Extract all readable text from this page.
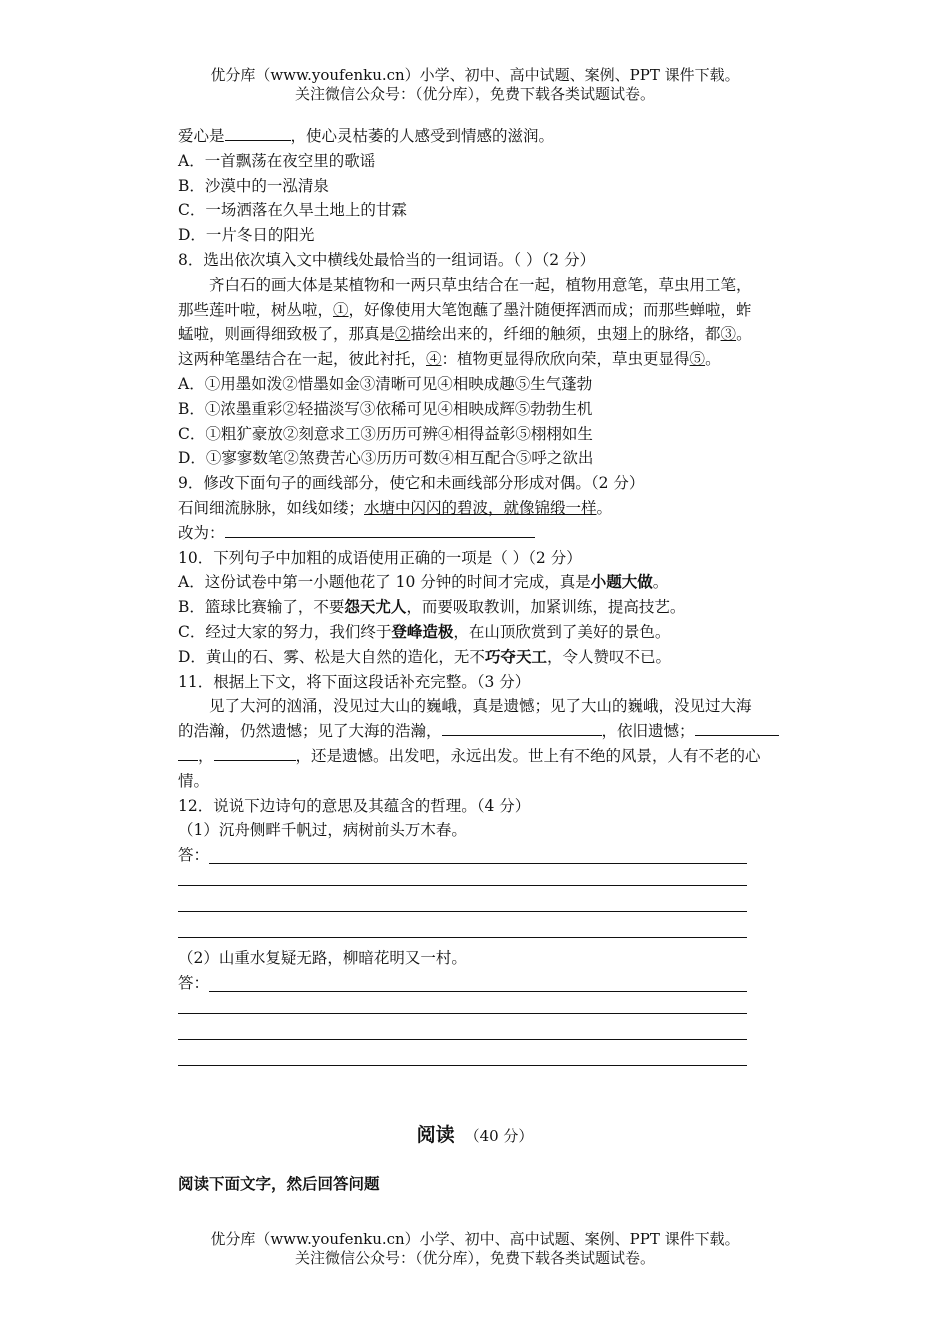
优分库（www.youfenku.cn）小学、初中、高中试题、案例、PPT 课件下载。
关注微信公众号：（优分库），免费下载各类试题试卷。
爱心是	，使心灵枯萎的人感受到情感的滋润。
A．一首飘荡在夜空里的歌谣
B．沙漠中的一泓清泉
C．一场洒落在久旱土地上的甘霖
D．一片冬日的阳光
8．选出依次填入文中横线处最恰当的一组词语。（ ）（2 分）
齐白石的画大体是某植物和一两只草虫结合在一起，植物用意笔，草虫用工笔，
那些莲叶啦，树丛啦，①，好像使用大笔饱蘸了墨汁随便挥洒而成；而那些蝉啦，蚱
蜢啦，则画得细致极了，那真是②描绘出来的，纤细的触须，虫翅上的脉络，都③。
这两种笔墨结合在一起，彼此衬托，④：植物更显得欣欣向荣，草虫更显得⑤。
A．①用墨如泼②惜墨如金③清晰可见④相映成趣⑤生气蓬勃
B．①浓墨重彩②轻描淡写③依稀可见④相映成辉⑤勃勃生机
C．①粗犷豪放②刻意求工③历历可辨④相得益彰⑤栩栩如生
D．①寥寥数笔②煞费苦心③历历可数④相互配合⑤呼之欲出
9．修改下面句子的画线部分，使它和未画线部分形成对偶。（2 分）
石间细流脉脉，如线如缕；水塘中闪闪的碧波，就像锦缎一样。
改为：
10．下列句子中加粗的成语使用正确的一项是（ ）（2 分）
A．这份试卷中第一小题他花了 10 分钟的时间才完成，真是小题大做。
B．篮球比赛输了，不要怨天尤人，而要吸取教训，加紧训练，提高技艺。
C．经过大家的努力，我们终于登峰造极，在山顶欣赏到了美好的景色。
D．黄山的石、雾、松是大自然的造化，无不巧夺天工，令人赞叹不已。
11．根据上下文，将下面这段话补充完整。（3 分）
见了大河的汹涌，没见过大山的巍峨，真是遗憾；见了大山的巍峨，没见过大海
的浩瀚，仍然遗憾；见了大海的浩瀚，	，依旧遗憾；
，	，还是遗憾。出发吧，永远出发。世上有不绝的风景，人有不老的心
情。
12．说说下边诗句的意思及其蕴含的哲理。（4 分）
（1）沉舟侧畔千帆过，病树前头万木春。
答：
（2）山重水复疑无路，柳暗花明又一村。
答：
阅读 （40 分）
阅读下面文字，然后回答问题
优分库（www.youfenku.cn）小学、初中、高中试题、案例、PPT 课件下载。
关注微信公众号：（优分库），免费下载各类试题试卷。
